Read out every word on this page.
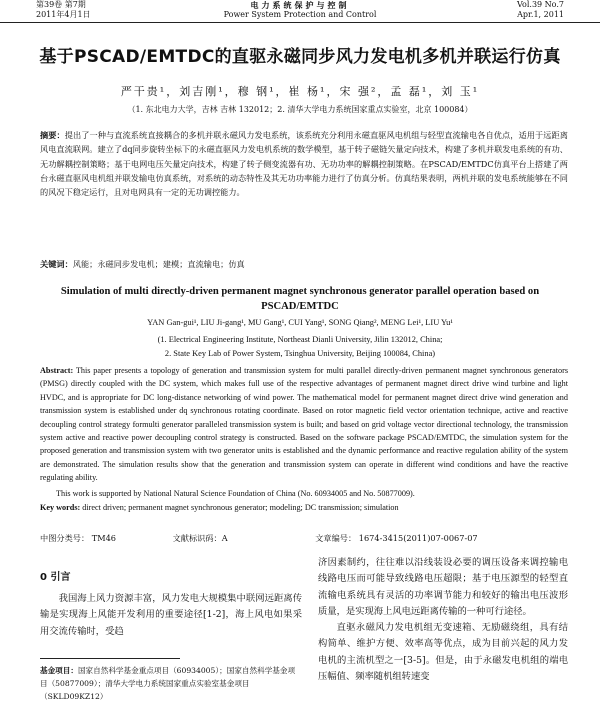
第39卷 第7期
2011年4月1日
电力系统保护与控制
Power System Protection and Control
Vol.39 No.7
Apr.1, 2011
基于PSCAD/EMTDC的直驱永磁同步风力发电机多机并联运行仿真
严干贵¹，刘吉刚¹，穆 钢¹，崔 杨¹，宋 强²，孟 磊¹，刘 玉¹
（1. 东北电力大学，吉林 吉林 132012；2. 清华大学电力系统国家重点实验室，北京 100084）
摘要：提出了一种与直流系统直接耦合的多机并联永磁风力发电系统，该系统充分利用永磁直驱风电机组与轻型直流输电各自优点，适用于远距离风电直流联网。建立了dq同步旋转坐标下的永磁直驱风力发电机系统的数学模型，基于转子磁链矢量定向技术，构建了多机并联发电系统的有功、无功解耦控制策略；基于电网电压矢量定向技术，构建了转子侧变流器有功、无功功率的解耦控制策略。在PSCAD/EMTDC仿真平台上搭建了两台永磁直驱风电机组并联发输电仿真系统，对系统的动态特性及其无功功率能力进行了仿真分析。仿真结果表明，两机并联的发电系统能够在不同的风况下稳定运行，且对电网具有一定的无功调控能力。
关键词：风能；永磁同步发电机；建模；直流输电；仿真
Simulation of multi directly-driven permanent magnet synchronous generator parallel operation based on
PSCAD/EMTDC
YAN Gan-gui¹, LIU Ji-gang¹, MU Gang¹, CUI Yang¹, SONG Qiang², MENG Lei¹, LIU Yu¹
(1. Electrical Engineering Institute, Northeast Dianli University, Jilin 132012, China;
2. State Key Lab of Power System, Tsinghua University, Beijing 100084, China)
Abstract: This paper presents a topology of generation and transmission system for multi parallel directly-driven permanent magnet synchronous generators (PMSG) directly coupled with the DC system, which makes full use of the respective advantages of permanent magnet direct drive wind turbine and light HVDC, and is appropriate for DC long-distance networking of wind power. The mathematical model for permanent magnet direct drive wind generation and transmission system is established under dq synchronous rotating coordinate. Based on rotor magnetic field vector orientation technique, active and reactive decoupling control strategy formulti generator paralleled transmission system is built; and based on grid voltage vector directional technology, the transmission system active and reactive power decoupling control strategy is constructed. Based on the software package PSCAD/EMTDC, the simulation system for the proposed generation and transmission system with two generator units is established and the dynamic performance and reactive regulation ability of the system are demonstrated. The simulation results show that the generation and transmission system can operate in different wind conditions and have the reactive regulating ability.
This work is supported by National Natural Science Foundation of China (No. 60934005 and No. 50877009).
Key words: direct driven; permanent magnet synchronous generator; modeling; DC transmission; simulation
中图分类号： TM46	文献标识码：A	文章编号： 1674-3415(2011)07-0067-07
0 引言

我国海上风力资源丰富，风力发电大规模集中联网远距离传输是实现海上风能开发利用的重要途径[1-2]，海上风电如果采用交流传输时，受趋

济因素制约，往往难以沿线装设必要的调压设备来调控输电线路电压而可能导致线路电压超限；基于电压源型的轻型直流输电系统具有灵活的功率调节能力和较好的输出电压波形质量，是实现海上风电远距离传输的一种可行途径。

直驱永磁风力发电机组无变速箱、无励磁绕组，具有结构简单、维护方便、效率高等优点，成为目前兴起的风力发电机的主流机型之一[3-5]。但是，由于永磁发电机组的端电压幅值、频率随机组转速变

基金项目：国家自然科学基金重点项目（60934005）；国家自然科学基金项目（50877009）；清华大学电力系统国家重点实验室基金项目（SKLD09KZ12）
